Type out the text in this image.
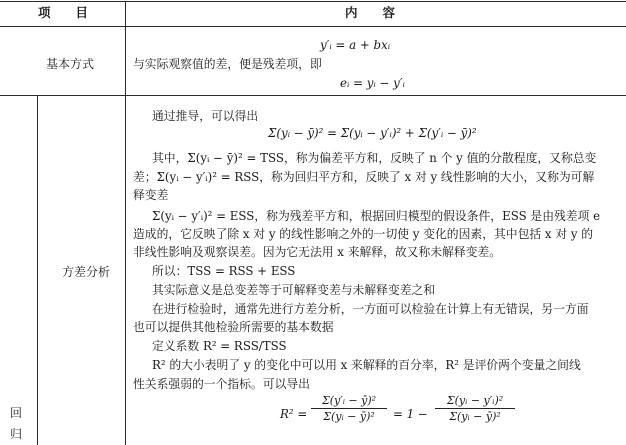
项　　目	内　　容
基本方式
y′ᵢ = a + bxᵢ
与实际观察值的差，便是残差项，即
eᵢ = yᵢ − y′ᵢ
方差分析
回
归
通过推导，可以得出
Σ(yᵢ − ȳ)² = Σ(yᵢ − y′ᵢ)² + Σ(y′ᵢ − ȳ)²
其中，Σ(yᵢ − ȳ)² = TSS，称为偏差平方和，反映了 n 个 y 值的分散程度，又称总变
差；Σ(yᵢ − y′ᵢ)² = RSS，称为回归平方和，反映了 x 对 y 线性影响的大小，又称为可解
释变差
Σ(yᵢ − y′ᵢ)² = ESS，称为残差平方和，根据回归模型的假设条件，ESS 是由残差项 e
造成的，它反映了除 x 对 y 的线性影响之外的一切使 y 变化的因素，其中包括 x 对 y 的
非线性影响及观察误差。因为它无法用 x 来解释，故又称未解释变差。
所以：TSS = RSS + ESS
其实际意义是总变差等于可解释变差与未解释变差之和
在进行检验时，通常先进行方差分析，一方面可以检验在计算上有无错误，另一方面
也可以提供其他检验所需要的基本数据
定义系数 R² = RSS/TSS
R² 的大小表明了 y 的变化中可以用 x 来解释的百分率，R² 是评价两个变量之间线
性关系强弱的一个指标。可以导出
R² =
Σ(y′ᵢ − ȳ)²
Σ(yᵢ − ȳ)² = 1 −
Σ(yᵢ − y′ᵢ)²
Σ(yᵢ − ȳ)²
